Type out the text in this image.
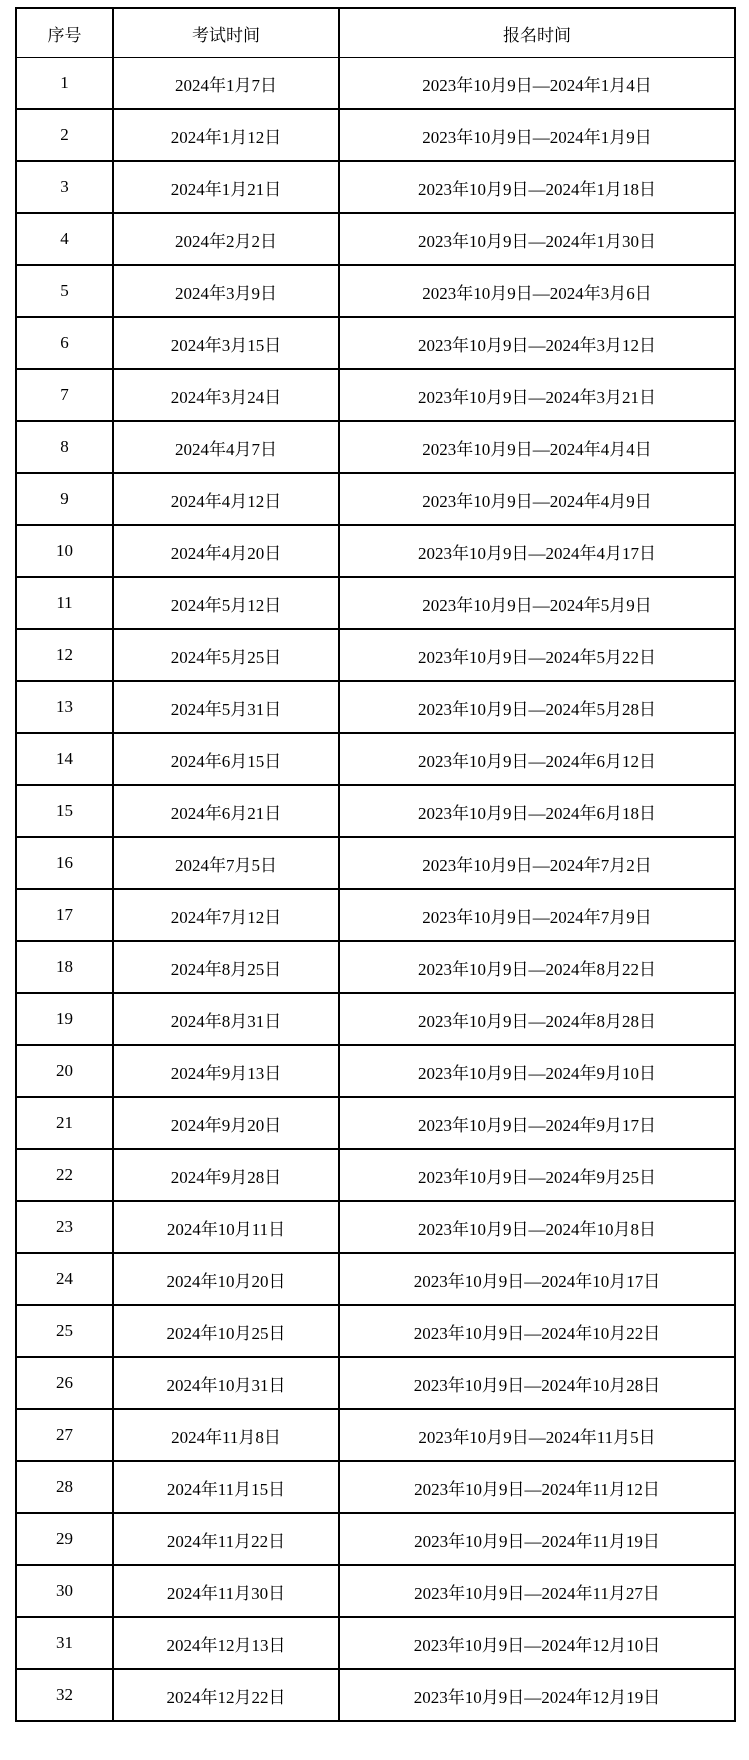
序号	考试时间	报名时间
1	2024年1月7日	2023年10月9日—2024年1月4日
2	2024年1月12日	2023年10月9日—2024年1月9日
3	2024年1月21日	2023年10月9日—2024年1月18日
4	2024年2月2日	2023年10月9日—2024年1月30日
5	2024年3月9日	2023年10月9日—2024年3月6日
6	2024年3月15日	2023年10月9日—2024年3月12日
7	2024年3月24日	2023年10月9日—2024年3月21日
8	2024年4月7日	2023年10月9日—2024年4月4日
9	2024年4月12日	2023年10月9日—2024年4月9日
10	2024年4月20日	2023年10月9日—2024年4月17日
11	2024年5月12日	2023年10月9日—2024年5月9日
12	2024年5月25日	2023年10月9日—2024年5月22日
13	2024年5月31日	2023年10月9日—2024年5月28日
14	2024年6月15日	2023年10月9日—2024年6月12日
15	2024年6月21日	2023年10月9日—2024年6月18日
16	2024年7月5日	2023年10月9日—2024年7月2日
17	2024年7月12日	2023年10月9日—2024年7月9日
18	2024年8月25日	2023年10月9日—2024年8月22日
19	2024年8月31日	2023年10月9日—2024年8月28日
20	2024年9月13日	2023年10月9日—2024年9月10日
21	2024年9月20日	2023年10月9日—2024年9月17日
22	2024年9月28日	2023年10月9日—2024年9月25日
23	2024年10月11日	2023年10月9日—2024年10月8日
24	2024年10月20日	2023年10月9日—2024年10月17日
25	2024年10月25日	2023年10月9日—2024年10月22日
26	2024年10月31日	2023年10月9日—2024年10月28日
27	2024年11月8日	2023年10月9日—2024年11月5日
28	2024年11月15日	2023年10月9日—2024年11月12日
29	2024年11月22日	2023年10月9日—2024年11月19日
30	2024年11月30日	2023年10月9日—2024年11月27日
31	2024年12月13日	2023年10月9日—2024年12月10日
32	2024年12月22日	2023年10月9日—2024年12月19日
